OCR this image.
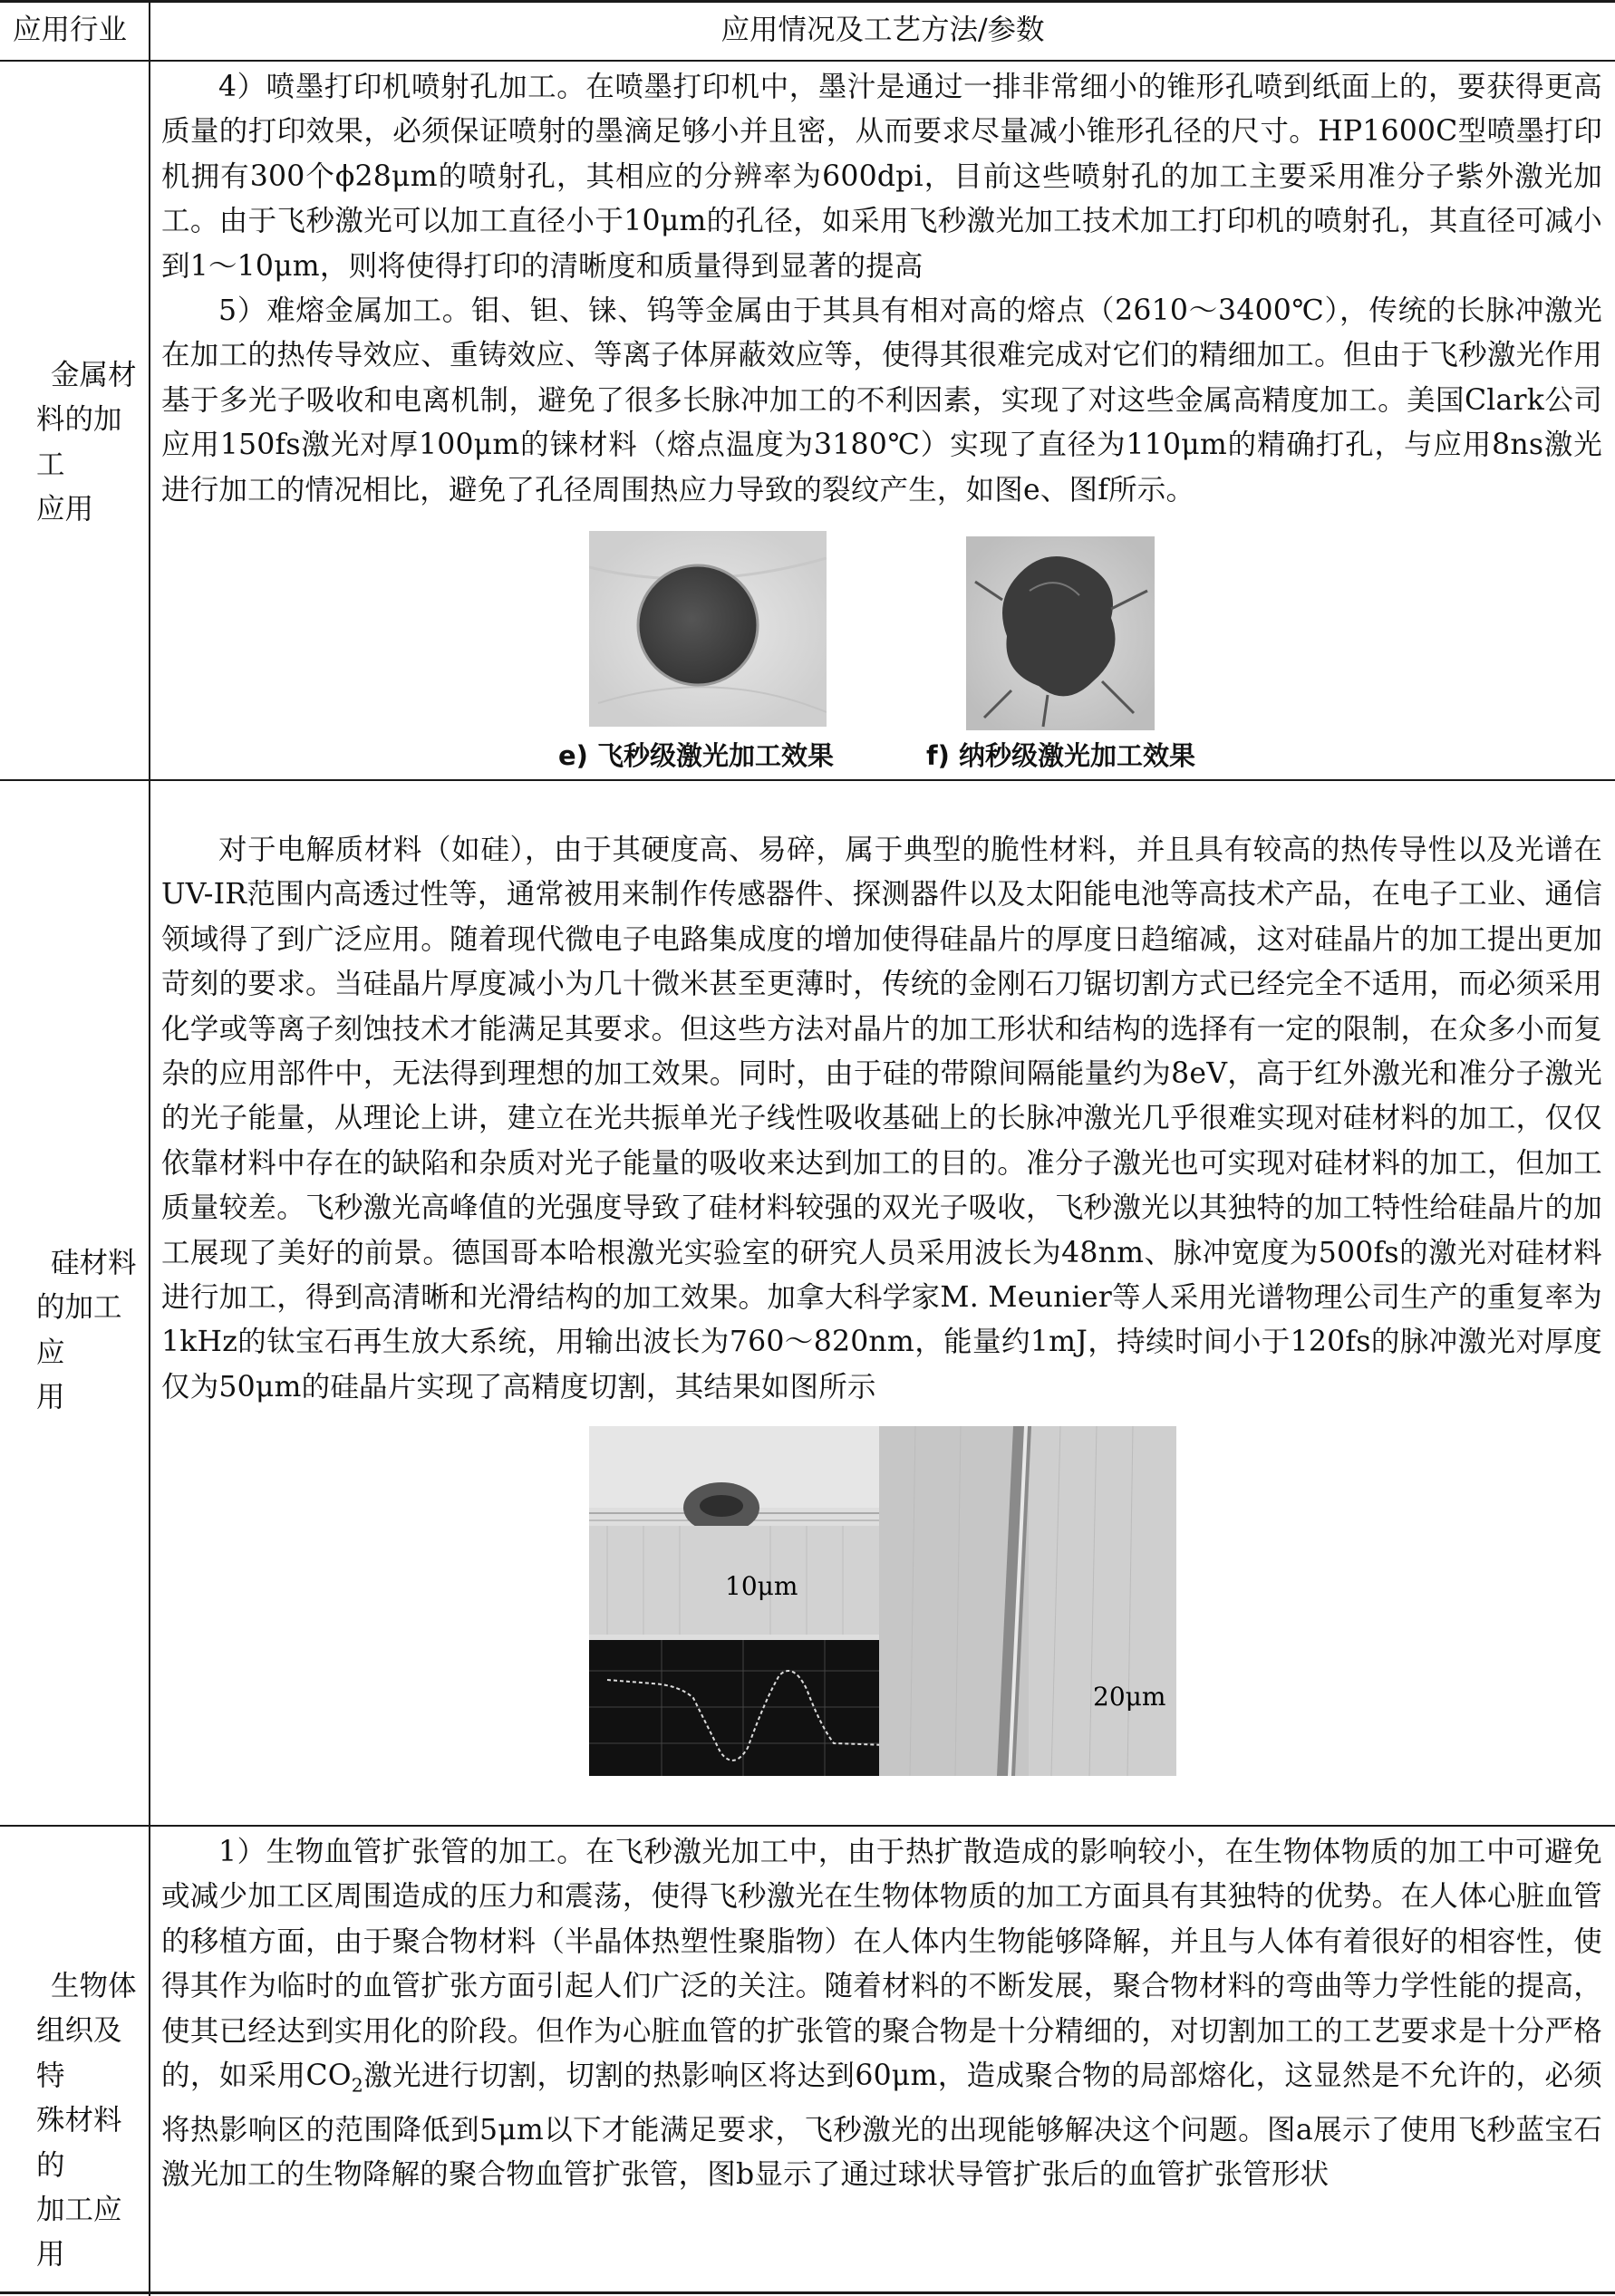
应用行业	应用情况及工艺方法/参数
金属材
料的加工
应用

4）喷墨打印机喷射孔加工。在喷墨打印机中，墨汁是通过一排非常细小的锥形孔喷到纸面上的，要获得更高质量的打印效果，必须保证喷射的墨滴足够小并且密，从而要求尽量减小锥形孔径的尺寸。HP1600C型喷墨打印机拥有300个ϕ28μm的喷射孔，其相应的分辨率为600dpi，目前这些喷射孔的加工主要采用准分子紫外激光加工。由于飞秒激光可以加工直径小于10μm的孔径，如采用飞秒激光加工技术加工打印机的喷射孔，其直径可减小到1～10μm，则将使得打印的清晰度和质量得到显著的提高

5）难熔金属加工。钼、钽、铼、钨等金属由于其具有相对高的熔点（2610～3400℃），传统的长脉冲激光在加工的热传导效应、重铸效应、等离子体屏蔽效应等，使得其很难完成对它们的精细加工。但由于飞秒激光作用基于多光子吸收和电离机制，避免了很多长脉冲加工的不利因素，实现了对这些金属高精度加工。美国Clark公司应用150fs激光对厚100μm的铼材料（熔点温度为3180℃）实现了直径为110μm的精确打孔，与应用8ns激光进行加工的情况相比，避免了孔径周围热应力导致的裂纹产生，如图e、图f所示。

e) 飞秒级激光加工效果	f) 纳秒级激光加工效果
硅材料
的加工应
用

对于电解质材料（如硅），由于其硬度高、易碎，属于典型的脆性材料，并且具有较高的热传导性以及光谱在UV-IR范围内高透过性等，通常被用来制作传感器件、探测器件以及太阳能电池等高技术产品，在电子工业、通信领域得了到广泛应用。随着现代微电子电路集成度的增加使得硅晶片的厚度日趋缩减，这对硅晶片的加工提出更加苛刻的要求。当硅晶片厚度减小为几十微米甚至更薄时，传统的金刚石刀锯切割方式已经完全不适用，而必须采用化学或等离子刻蚀技术才能满足其要求。但这些方法对晶片的加工形状和结构的选择有一定的限制，在众多小而复杂的应用部件中，无法得到理想的加工效果。同时，由于硅的带隙间隔能量约为8eV，高于红外激光和准分子激光的光子能量，从理论上讲，建立在光共振单光子线性吸收基础上的长脉冲激光几乎很难实现对硅材料的加工，仅仅依靠材料中存在的缺陷和杂质对光子能量的吸收来达到加工的目的。准分子激光也可实现对硅材料的加工，但加工质量较差。飞秒激光高峰值的光强度导致了硅材料较强的双光子吸收，飞秒激光以其独特的加工特性给硅晶片的加工展现了美好的前景。德国哥本哈根激光实验室的研究人员采用波长为48nm、脉冲宽度为500fs的激光对硅材料进行加工，得到高清晰和光滑结构的加工效果。加拿大科学家M. Meunier等人采用光谱物理公司生产的重复率为1kHz的钛宝石再生放大系统，用输出波长为760～820nm，能量约1mJ，持续时间小于120fs的脉冲激光对厚度仅为50μm的硅晶片实现了高精度切割，其结果如图所示

10μm
20μm
生物体
组织及特
殊材料的
加工应用

1）生物血管扩张管的加工。在飞秒激光加工中，由于热扩散造成的影响较小，在生物体物质的加工中可避免或减少加工区周围造成的压力和震荡，使得飞秒激光在生物体物质的加工方面具有其独特的优势。在人体心脏血管的移植方面，由于聚合物材料（半晶体热塑性聚脂物）在人体内生物能够降解，并且与人体有着很好的相容性，使得其作为临时的血管扩张方面引起人们广泛的关注。随着材料的不断发展，聚合物材料的弯曲等力学性能的提高，使其已经达到实用化的阶段。但作为心脏血管的扩张管的聚合物是十分精细的，对切割加工的工艺要求是十分严格的，如采用$CO_2$激光进行切割，切割的热影响区将达到60μm，造成聚合物的局部熔化，这显然是不允许的，必须将热影响区的范围降低到5μm以下才能满足要求，飞秒激光的出现能够解决这个问题。图a展示了使用飞秒蓝宝石激光加工的生物降解的聚合物血管扩张管，图b显示了通过球状导管扩张后的血管扩张管形状
